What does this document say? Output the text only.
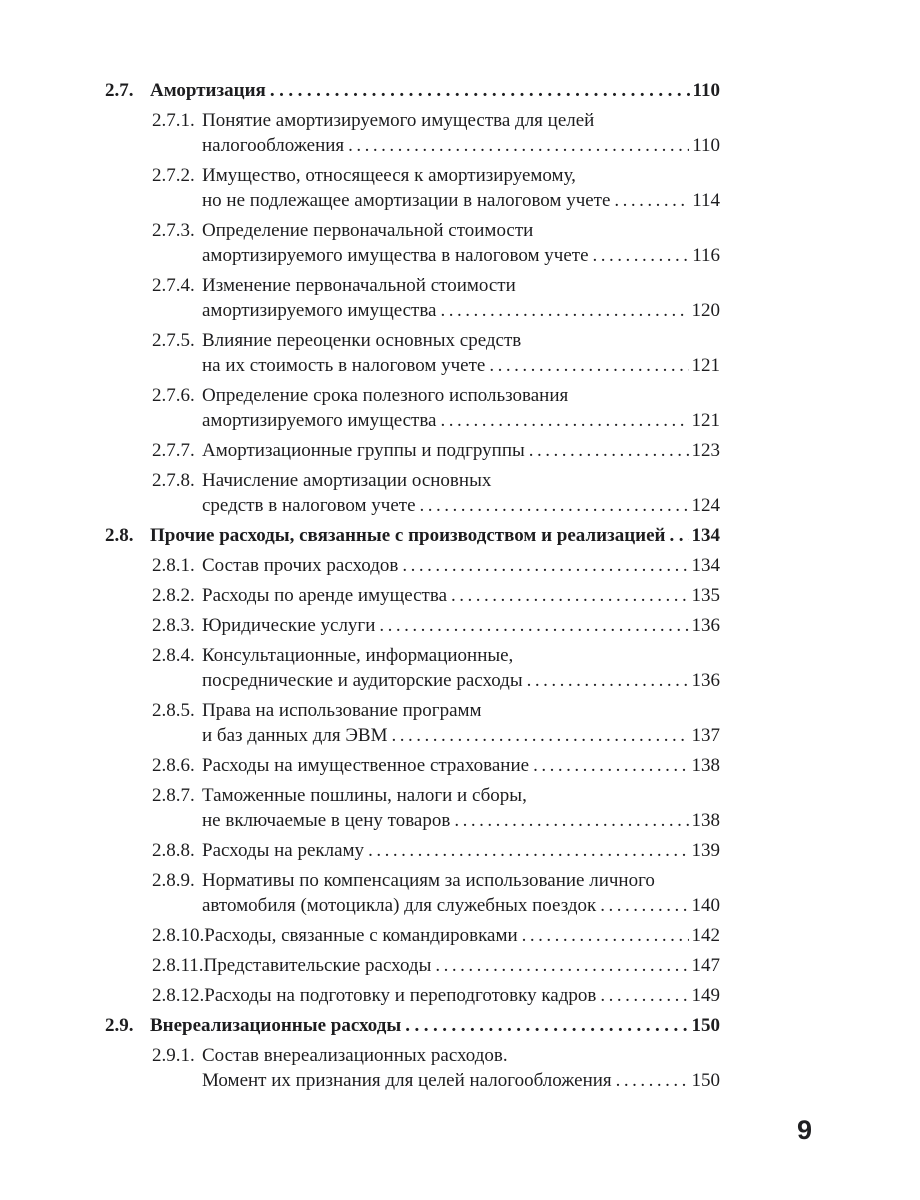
2.7. Амортизация .....	110
2.7.1. Понятие амортизируемого имущества для целей
налогообложения .....	110
2.7.2. Имущество, относящееся к амортизируемому,
но не подлежащее амортизации в налоговом учете .....	114
2.7.3. Определение первоначальной стоимости
амортизируемого имущества в налоговом учете .....	116
2.7.4. Изменение первоначальной стоимости
амортизируемого имущества .....	120
2.7.5. Влияние переоценки основных средств
на их стоимость в налоговом учете .....	121
2.7.6. Определение срока полезного использования
амортизируемого имущества .....	121
2.7.7. Амортизационные группы и подгруппы .....	123
2.7.8. Начисление амортизации основных
средств в налоговом учете .....	124
2.8. Прочие расходы, связанные с производством и реализацией ..... 134
2.8.1. Состав прочих расходов .....	134
2.8.2. Расходы по аренде имущества .....	135
2.8.3. Юридические услуги .....	136
2.8.4. Консультационные, информационные,
посреднические и аудиторские расходы .....	136
2.8.5. Права на использование программ
и баз данных для ЭВМ .....	137
2.8.6. Расходы на имущественное страхование .....	138
2.8.7. Таможенные пошлины, налоги и сборы,
не включаемые в цену товаров .....	138
2.8.8. Расходы на рекламу .....	139
2.8.9. Нормативы по компенсациям за использование личного
автомобиля (мотоцикла) для служебных поездок .....	140
2.8.10. Расходы, связанные с командировками .....	142
2.8.11. Представительские расходы .....	147
2.8.12. Расходы на подготовку и переподготовку кадров .....	149
2.9. Внереализационные расходы .....	150
2.9.1. Состав внереализационных расходов.
Момент их признания для целей налогообложения .....	150
9
